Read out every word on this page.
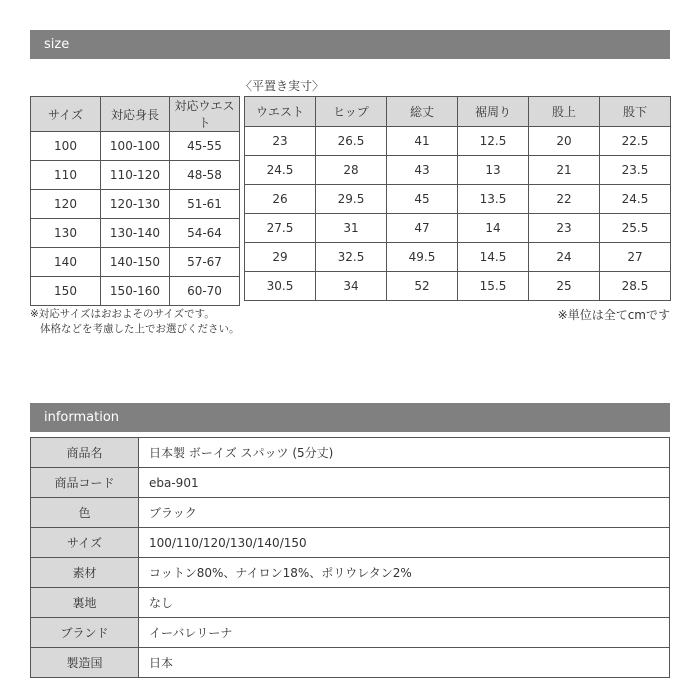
size
〈平置き実寸〉
サイズ	対応身長	対応ウエスト
100	100-100	45-55
110	110-120	48-58
120	120-130	51-61
130	130-140	54-64
140	140-150	57-67
150	150-160	60-70
ウエスト	ヒップ	総丈	裾周り	股上	股下
23	26.5	41	12.5	20	22.5
24.5	28	43	13	21	23.5
26	29.5	45	13.5	22	24.5
27.5	31	47	14	23	25.5
29	32.5	49.5	14.5	24	27
30.5	34	52	15.5	25	28.5
※対応サイズはおおよそのサイズです。
体格などを考慮した上でお選びください。
※単位は全てcmです
information
商品名	日本製 ボーイズ スパッツ (5分丈)
商品コード	eba-901
色	ブラック
サイズ	100/110/120/130/140/150
素材	コットン80%、ナイロン18%、ポリウレタン2%
裏地	なし
ブランド	イーバレリーナ
製造国	日本
